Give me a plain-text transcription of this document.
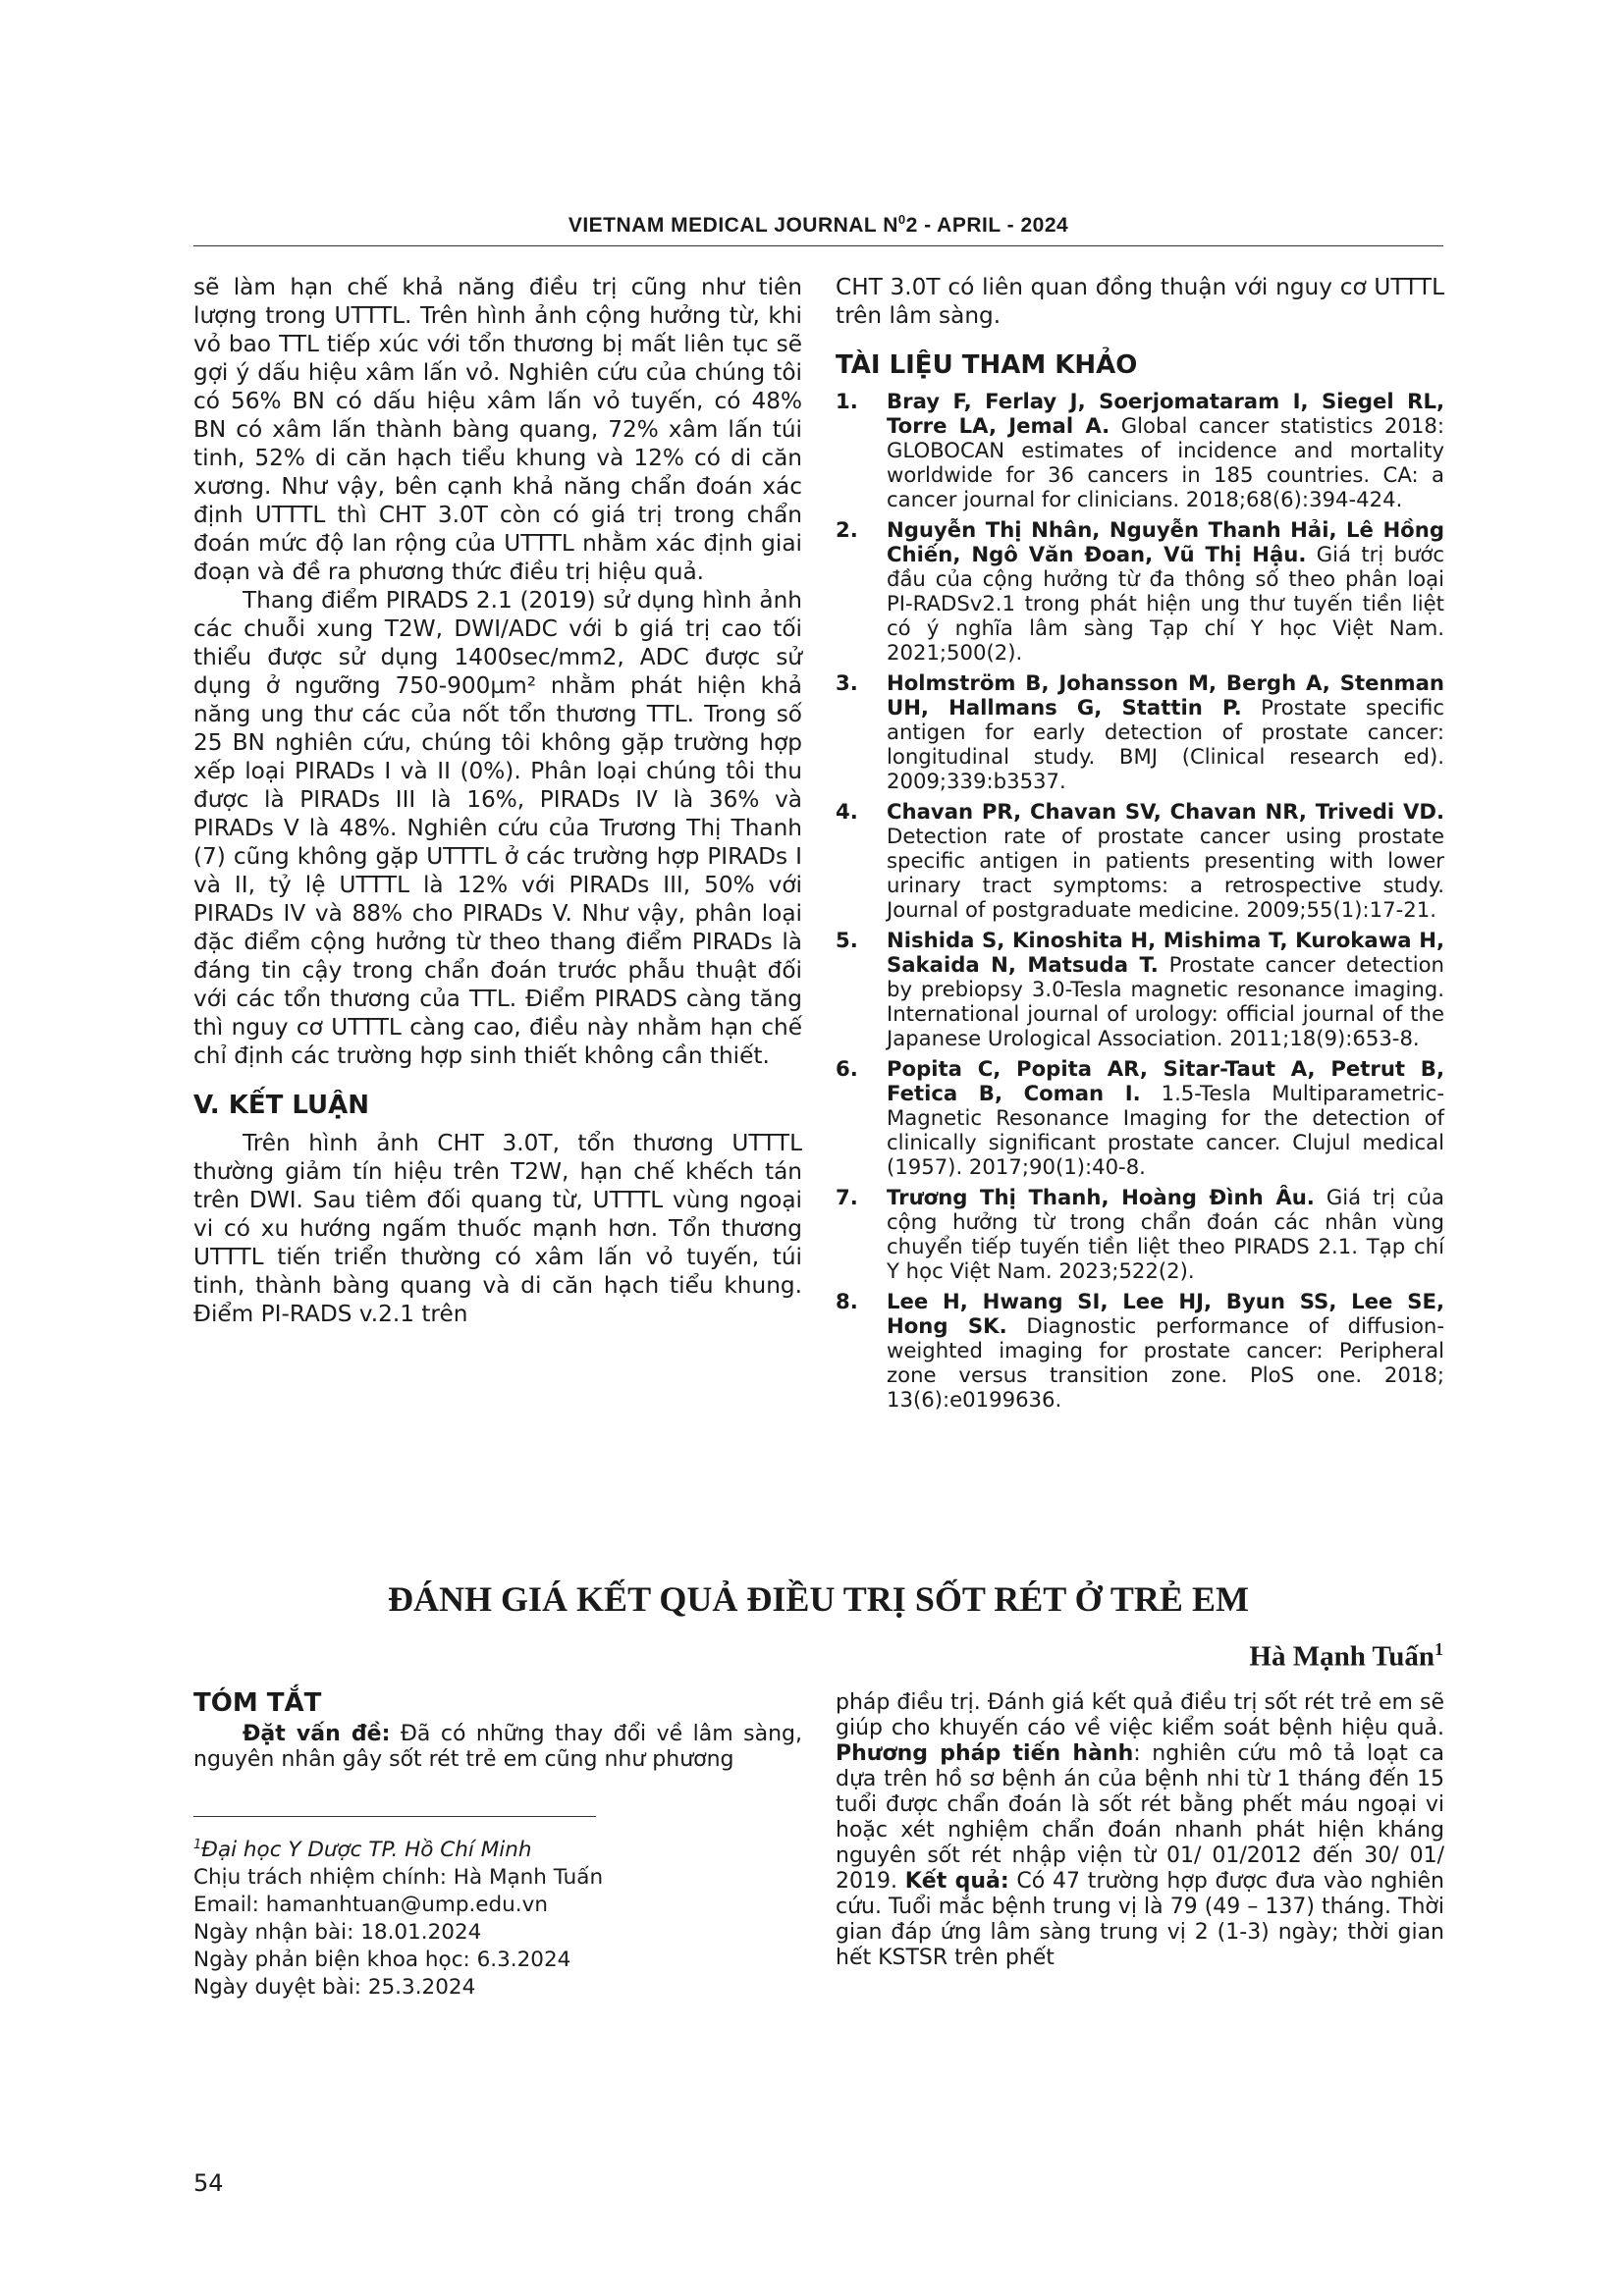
VIETNAM MEDICAL JOURNAL $N^02$ - APRIL - 2024

sẽ làm hạn chế khả năng điều trị cũng như tiên lượng trong UTTTL. Trên hình ảnh cộng hưởng từ, khi vỏ bao TTL tiếp xúc với tổn thương bị mất liên tục sẽ gợi ý dấu hiệu xâm lấn vỏ. Nghiên cứu của chúng tôi có 56% BN có dấu hiệu xâm lấn vỏ tuyến, có 48% BN có xâm lấn thành bàng quang, 72% xâm lấn túi tinh, 52% di căn hạch tiểu khung và 12% có di căn xương. Như vậy, bên cạnh khả năng chẩn đoán xác định UTTTL thì CHT 3.0T còn có giá trị trong chẩn đoán mức độ lan rộng của UTTTL nhằm xác định giai đoạn và đề ra phương thức điều trị hiệu quả.

Thang điểm PIRADS 2.1 (2019) sử dụng hình ảnh các chuỗi xung T2W, DWI/ADC với b giá trị cao tối thiểu được sử dụng 1400sec/mm2, ADC được sử dụng ở ngưỡng 750-900µm² nhằm phát hiện khả năng ung thư các của nốt tổn thương TTL. Trong số 25 BN nghiên cứu, chúng tôi không gặp trường hợp xếp loại PIRADs I và II (0%). Phân loại chúng tôi thu được là PIRADs III là 16%, PIRADs IV là 36% và PIRADs V là 48%. Nghiên cứu của Trương Thị Thanh (7) cũng không gặp UTTTL ở các trường hợp PIRADs I và II, tỷ lệ UTTTL là 12% với PIRADs III, 50% với PIRADs IV và 88% cho PIRADs V. Như vậy, phân loại đặc điểm cộng hưởng từ theo thang điểm PIRADs là đáng tin cậy trong chẩn đoán trước phẫu thuật đối với các tổn thương của TTL. Điểm PIRADS càng tăng thì nguy cơ UTTTL càng cao, điều này nhằm hạn chế chỉ định các trường hợp sinh thiết không cần thiết.

V. KẾT LUẬN

Trên hình ảnh CHT 3.0T, tổn thương UTTTL thường giảm tín hiệu trên T2W, hạn chế khếch tán trên DWI. Sau tiêm đối quang từ, UTTTL vùng ngoại vi có xu hướng ngấm thuốc mạnh hơn. Tổn thương UTTTL tiến triển thường có xâm lấn vỏ tuyến, túi tinh, thành bàng quang và di căn hạch tiểu khung. Điểm PI-RADS v.2.1 trên

CHT 3.0T có liên quan đồng thuận với nguy cơ UTTTL trên lâm sàng.

TÀI LIỆU THAM KHẢO
1. Bray F, Ferlay J, Soerjomataram I, Siegel RL, Torre LA, Jemal A. Global cancer statistics 2018: GLOBOCAN estimates of incidence and mortality worldwide for 36 cancers in 185 countries. CA: a cancer journal for clinicians. 2018;68(6):394-424.
2. Nguyễn Thị Nhân, Nguyễn Thanh Hải, Lê Hồng Chiến, Ngô Văn Đoan, Vũ Thị Hậu. Giá trị bước đầu của cộng hưởng từ đa thông số theo phân loại PI-RADSv2.1 trong phát hiện ung thư tuyến tiền liệt có ý nghĩa lâm sàng Tạp chí Y học Việt Nam. 2021;500(2).
3. Holmström B, Johansson M, Bergh A, Stenman UH, Hallmans G, Stattin P. Prostate specific antigen for early detection of prostate cancer: longitudinal study. BMJ (Clinical research ed). 2009;339:b3537.
4. Chavan PR, Chavan SV, Chavan NR, Trivedi VD. Detection rate of prostate cancer using prostate specific antigen in patients presenting with lower urinary tract symptoms: a retrospective study. Journal of postgraduate medicine. 2009;55(1):17-21.
5. Nishida S, Kinoshita H, Mishima T, Kurokawa H, Sakaida N, Matsuda T. Prostate cancer detection by prebiopsy 3.0-Tesla magnetic resonance imaging. International journal of urology: official journal of the Japanese Urological Association. 2011;18(9):653-8.
6. Popita C, Popita AR, Sitar-Taut A, Petrut B, Fetica B, Coman I. 1.5-Tesla Multiparametric-Magnetic Resonance Imaging for the detection of clinically significant prostate cancer. Clujul medical (1957). 2017;90(1):40-8.
7. Trương Thị Thanh, Hoàng Đình Âu. Giá trị của cộng hưởng từ trong chẩn đoán các nhân vùng chuyển tiếp tuyến tiền liệt theo PIRADS 2.1. Tạp chí Y học Việt Nam. 2023;522(2).
8. Lee H, Hwang SI, Lee HJ, Byun SS, Lee SE, Hong SK. Diagnostic performance of diffusion-weighted imaging for prostate cancer: Peripheral zone versus transition zone. PloS one. 2018; 13(6):e0199636.
ĐÁNH GIÁ KẾT QUẢ ĐIỀU TRỊ SỐT RÉT Ở TRẺ EM
Hà Mạnh Tuấn$^1$
TÓM TẮT

Đặt vấn đề: Đã có những thay đổi về lâm sàng, nguyên nhân gây sốt rét trẻ em cũng như phương

pháp điều trị. Đánh giá kết quả điều trị sốt rét trẻ em sẽ giúp cho khuyến cáo về việc kiểm soát bệnh hiệu quả. Phương pháp tiến hành: nghiên cứu mô tả loạt ca dựa trên hồ sơ bệnh án của bệnh nhi từ 1 tháng đến 15 tuổi được chẩn đoán là sốt rét bằng phết máu ngoại vi hoặc xét nghiệm chẩn đoán nhanh phát hiện kháng nguyên sốt rét nhập viện từ 01/ 01/2012 đến 30/ 01/ 2019. Kết quả: Có 47 trường hợp được đưa vào nghiên cứu. Tuổi mắc bệnh trung vị là 79 (49 – 137) tháng. Thời gian đáp ứng lâm sàng trung vị 2 (1-3) ngày; thời gian hết KSTSR trên phết

$^1$Đại học Y Dược TP. Hồ Chí Minh
Chịu trách nhiệm chính: Hà Mạnh Tuấn
Email: hamanhtuan@ump.edu.vn
Ngày nhận bài: 18.01.2024
Ngày phản biện khoa học: 6.3.2024
Ngày duyệt bài: 25.3.2024
54
